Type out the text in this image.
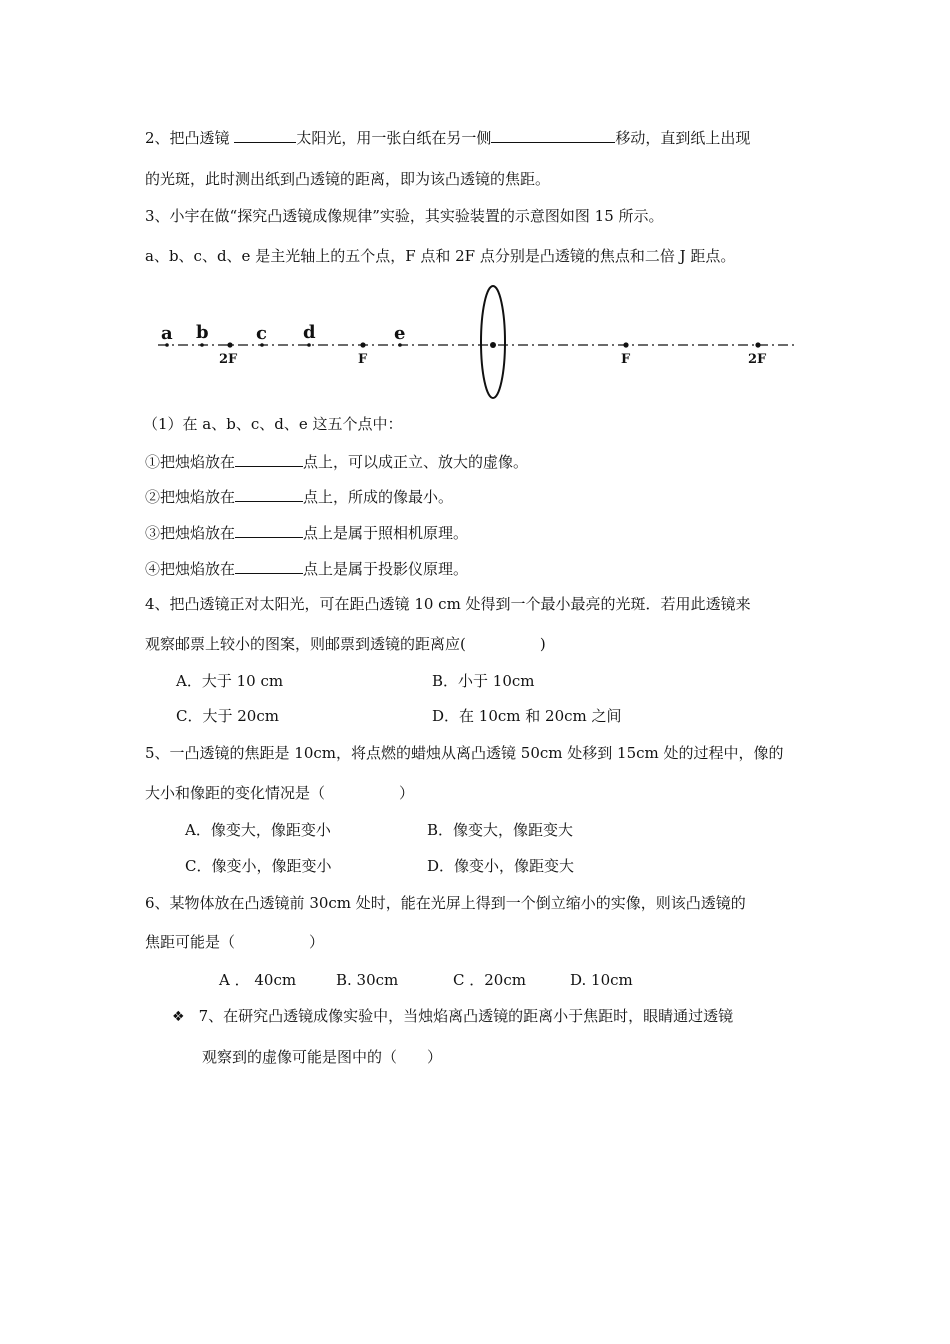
2、把凸透镜	太阳光，用一张白纸在另一侧	移动，直到纸上出现
的光斑，此时测出纸到凸透镜的距离，即为该凸透镜的焦距。
3、小宇在做“探究凸透镜成像规律”实验，其实验装置的示意图如图 15 所示。
a、b、c、d、e 是主光轴上的五个点，F 点和 2F 点分别是凸透镜的焦点和二倍 J 距点。
a b	c d	e
2F	F	F	2F
（1）在 a、b、c、d、e 这五个点中：
①把烛焰放在	点上，可以成正立、放大的虚像。
②把烛焰放在	点上，所成的像最小。
③把烛焰放在	点上是属于照相机原理。
④把烛焰放在	点上是属于投影仪原理。
4、把凸透镜正对太阳光，可在距凸透镜 10 cm 处得到一个最小最亮的光斑．若用此透镜来
观察邮票上较小的图案，则邮票到透镜的距离应(	)
A．大于 10 cm	B．小于 10cm
C．大于 20cm	D．在 10cm 和 20cm 之间
5、一凸透镜的焦距是 10cm，将点燃的蜡烛从离凸透镜 50cm 处移到 15cm 处的过程中，像的
大小和像距的变化情况是（	）
A．像变大，像距变小	B．像变大，像距变大
C．像变小，像距变小	D．像变小，像距变大
6、某物体放在凸透镜前 30cm 处时，能在光屏上得到一个倒立缩小的实像，则该凸透镜的
焦距可能是（	）
A ． 40cm	B. 30cm	C ．20cm	D. 10cm
❖ 7、在研究凸透镜成像实验中，当烛焰离凸透镜的距离小于焦距时，眼睛通过透镜
观察到的虚像可能是图中的（ ）
